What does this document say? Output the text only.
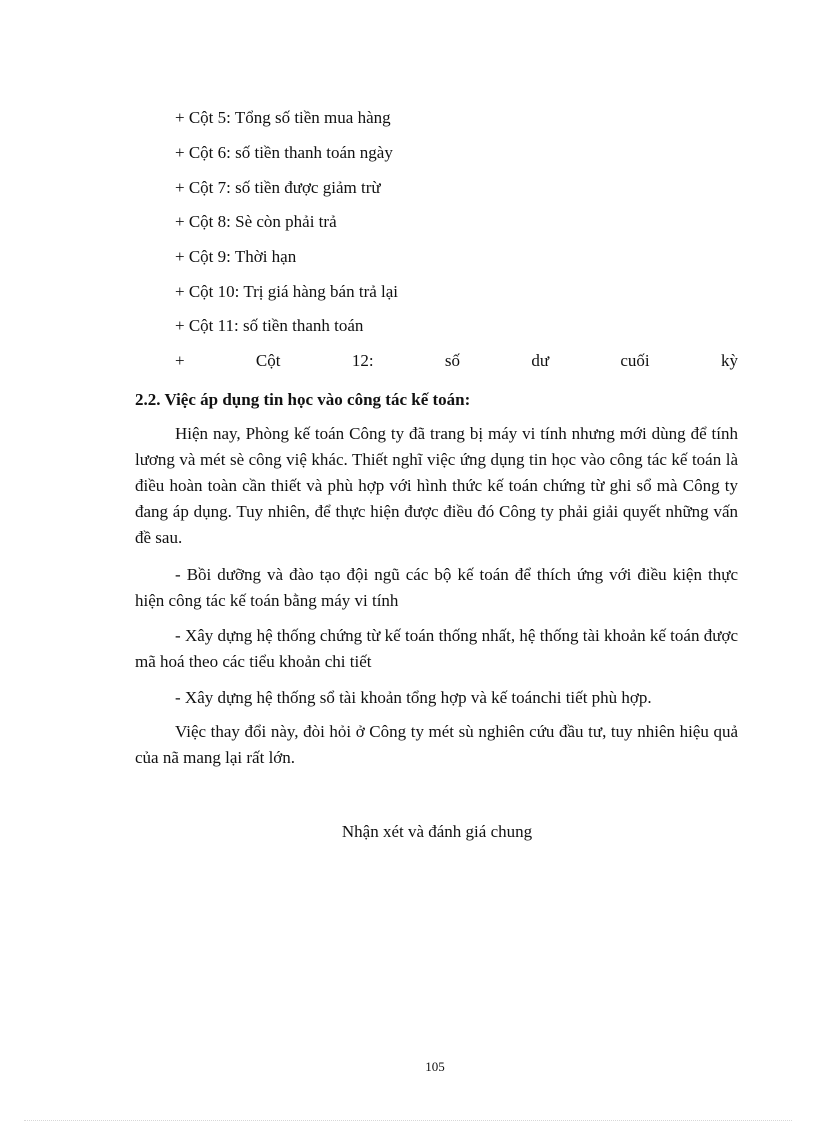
+ Cột 5: Tổng số tiền mua hàng
+ Cột 6: số tiền thanh toán ngày
+ Cột 7: số tiền được giảm trừ
+ Cột 8: Sè còn phải trả
+ Cột 9: Thời hạn
+ Cột 10: Trị giá hàng bán trả lại
+ Cột 11: số tiền thanh toán
+	Cột	12:	số	dư	cuối	kỳ
2.2. Việc áp dụng tin học vào công tác kế toán:
Hiện nay, Phòng kế toán Công ty đã trang bị máy vi tính nhưng mới dùng để tính lương và mét sè công việ khác. Thiết nghĩ việc ứng dụng tin học vào công tác kế toán là điều hoàn toàn cần thiết và phù hợp với hình thức kế toán chứng từ ghi sổ mà Công ty đang áp dụng. Tuy nhiên, để thực hiện được điều đó Công ty phải giải quyết những vấn đề sau.
- Bồi dưỡng và đào tạo đội ngũ các bộ kế toán để thích ứng với điều kiện thực hiện công tác kế toán bằng máy vi tính
- Xây dựng hệ thống chứng từ kế toán thống nhất, hệ thống tài khoản kế toán được mã hoá theo các tiểu khoản chi tiết
- Xây dựng hệ thống sổ tài khoản tổng hợp và kế toánchi tiết phù hợp.
Việc thay đổi này, đòi hỏi ở Công ty mét sù nghiên cứu đầu tư, tuy nhiên hiệu quả của nã mang lại rất lớn.
Nhận xét và đánh giá chung
105
